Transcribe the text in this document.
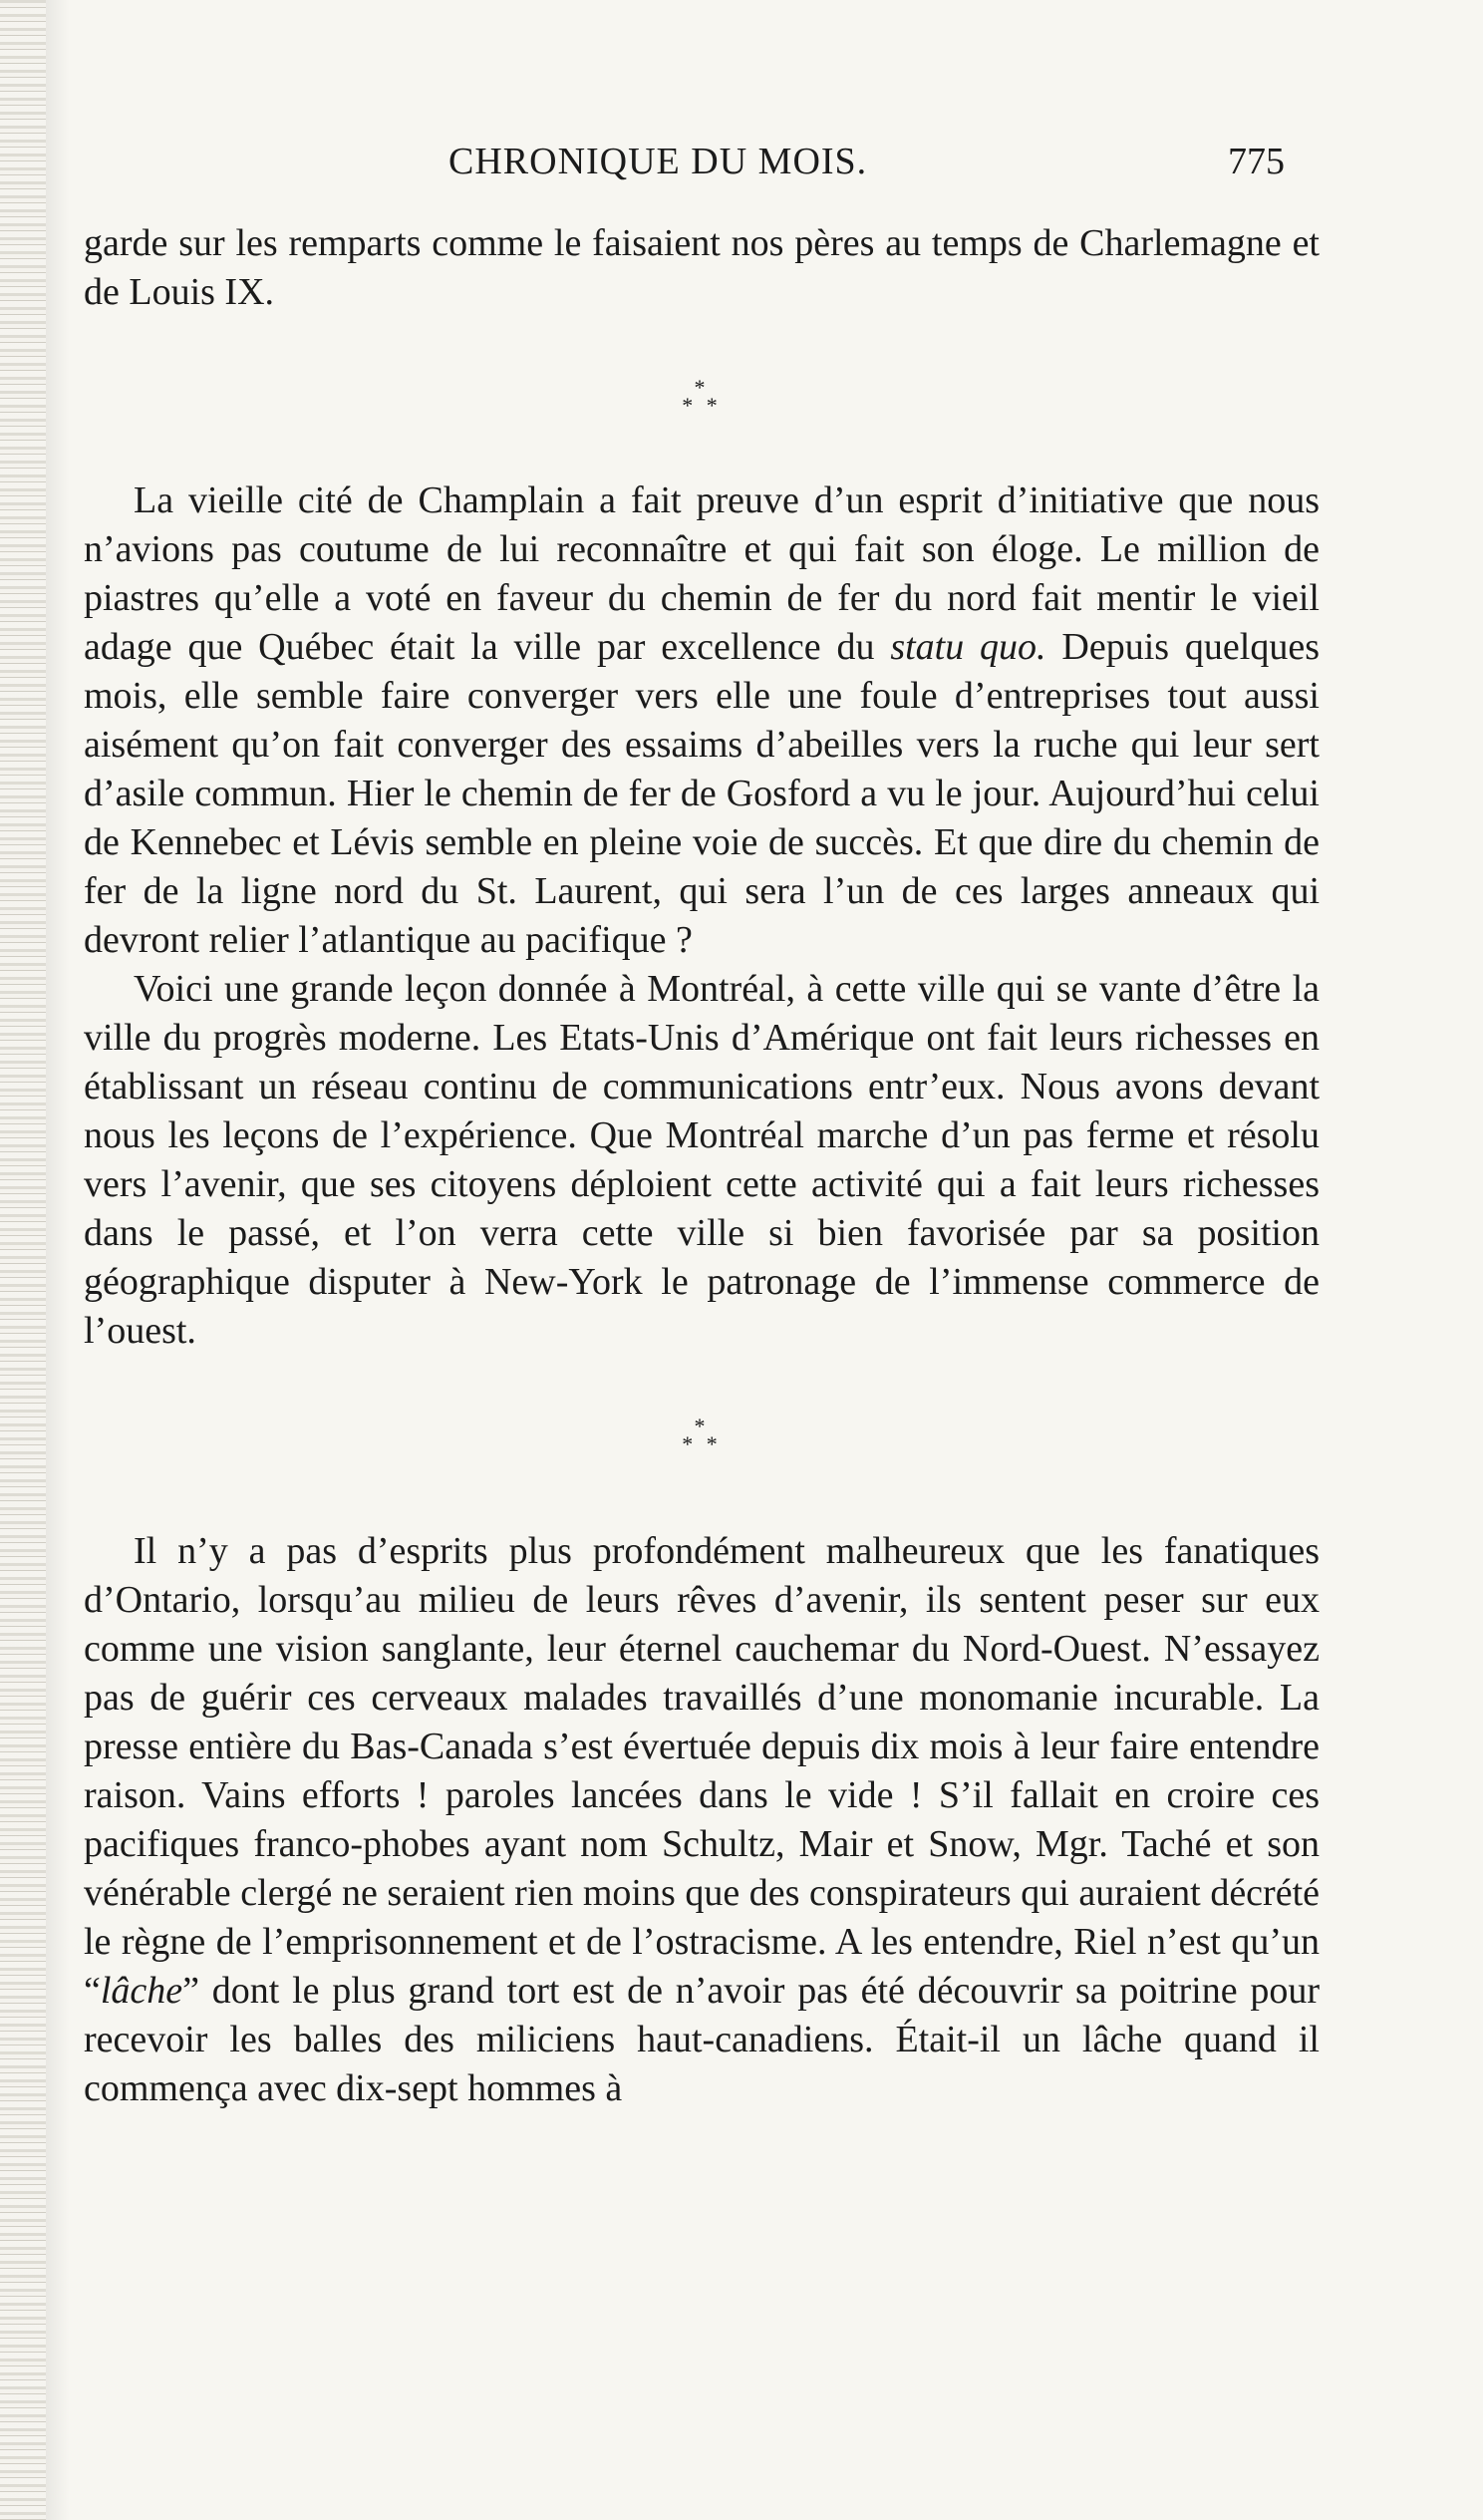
CHRONIQUE DU MOIS.	775

garde sur les remparts comme le faisaient nos pères au temps de Charlemagne et de Louis IX.

*
* *

La vieille cité de Champlain a fait preuve d’un esprit d’initiative que nous n’avions pas coutume de lui reconnaître et qui fait son éloge. Le million de piastres qu’elle a voté en faveur du chemin de fer du nord fait mentir le vieil adage que Québec était la ville par excellence du statu quo. Depuis quelques mois, elle semble faire converger vers elle une foule d’entreprises tout aussi aisément qu’on fait converger des essaims d’abeilles vers la ruche qui leur sert d’asile commun. Hier le chemin de fer de Gosford a vu le jour. Aujourd’hui celui de Kennebec et Lévis semble en pleine voie de succès. Et que dire du chemin de fer de la ligne nord du St. Laurent, qui sera l’un de ces larges anneaux qui devront relier l’atlantique au pacifique ?

Voici une grande leçon donnée à Montréal, à cette ville qui se vante d’être la ville du progrès moderne. Les Etats-Unis d’Amérique ont fait leurs richesses en établissant un réseau continu de communications entr’eux. Nous avons devant nous les leçons de l’expérience. Que Montréal marche d’un pas ferme et résolu vers l’avenir, que ses citoyens déploient cette activité qui a fait leurs richesses dans le passé, et l’on verra cette ville si bien favorisée par sa position géographique disputer à New-York le patronage de l’immense commerce de l’ouest.

*
* *

Il n’y a pas d’esprits plus profondément malheureux que les fanatiques d’Ontario, lorsqu’au milieu de leurs rêves d’avenir, ils sentent peser sur eux comme une vision sanglante, leur éternel cauchemar du Nord-Ouest. N’essayez pas de guérir ces cerveaux malades travaillés d’une monomanie incurable. La presse entière du Bas-Canada s’est évertuée depuis dix mois à leur faire entendre raison. Vains efforts ! paroles lancées dans le vide ! S’il fallait en croire ces pacifiques franco-phobes ayant nom Schultz, Mair et Snow, Mgr. Taché et son vénérable clergé ne seraient rien moins que des conspirateurs qui auraient décrété le règne de l’emprisonnement et de l’ostracisme. A les entendre, Riel n’est qu’un “lâche” dont le plus grand tort est de n’avoir pas été découvrir sa poitrine pour recevoir les balles des miliciens haut-canadiens. Était-il un lâche quand il commença avec dix-sept hommes à
